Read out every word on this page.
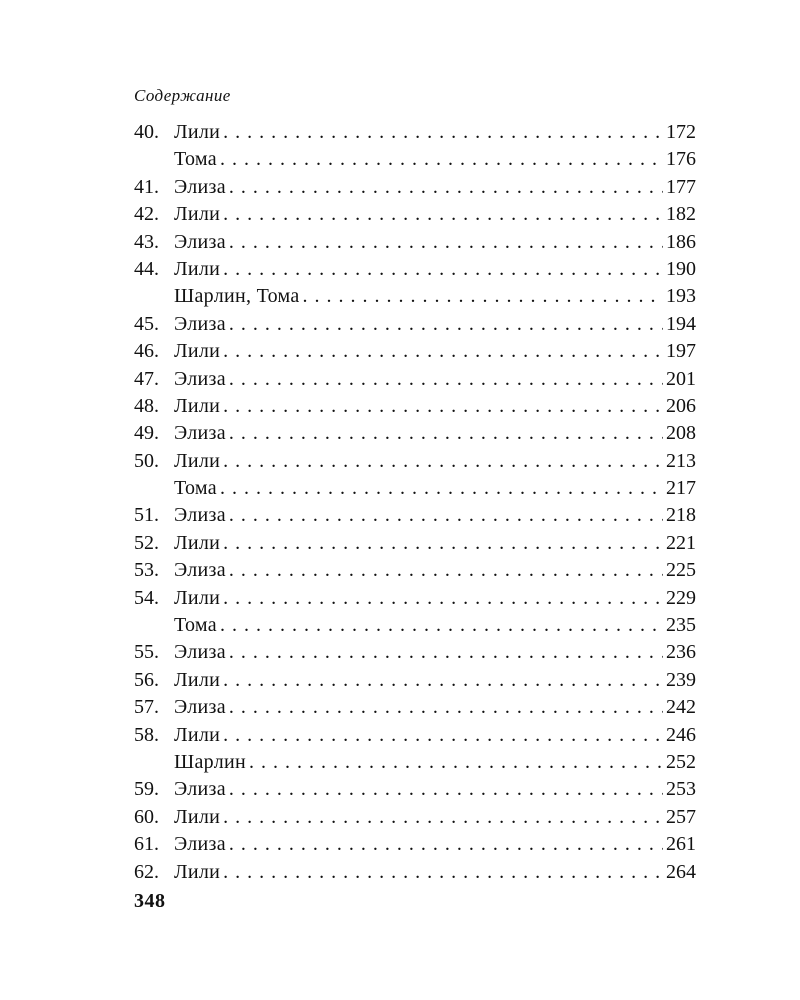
Содержание
40. Лили . . .	172
Тома . . .	176
41. Элиза . . .	177
42. Лили . . .	182
43. Элиза . . .	186
44. Лили . . .	190
Шарлин, Тома . . .	193
45. Элиза . . .	194
46. Лили . . .	197
47. Элиза . . .	201
48. Лили . . .	206
49. Элиза . . .	208
50. Лили . . .	213
Тома . . .	217
51. Элиза . . .	218
52. Лили . . .	221
53. Элиза . . .	225
54. Лили . . .	229
Тома . . .	235
55. Элиза . . .	236
56. Лили . . .	239
57. Элиза . . .	242
58. Лили . . .	246
Шарлин . . .	252
59. Элиза . . .	253
60. Лили . . .	257
61. Элиза . . .	261
62. Лили . . .	264
348
